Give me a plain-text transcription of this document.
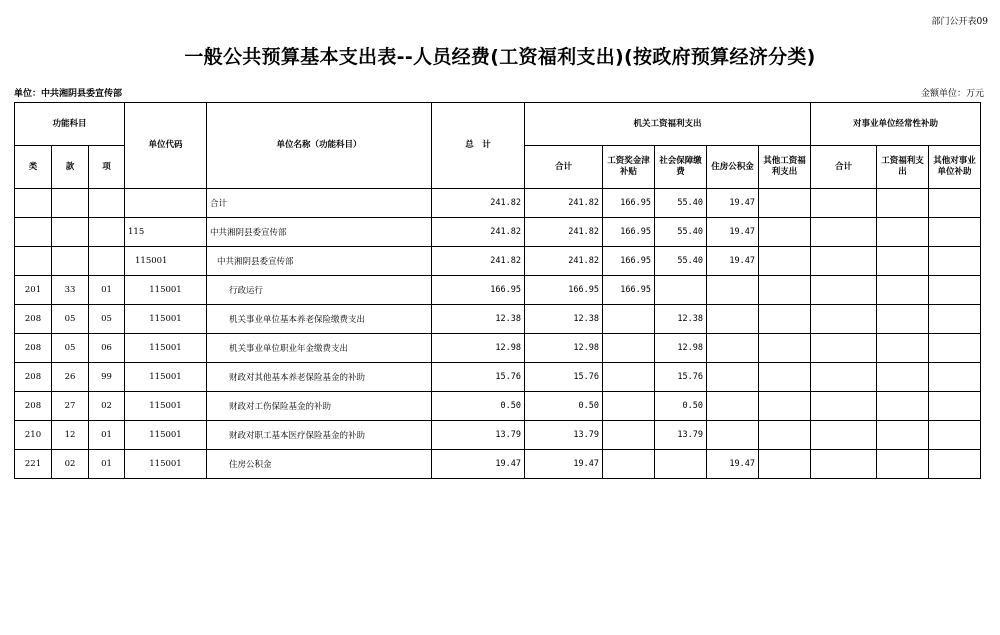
部门公开表09
一般公共预算基本支出表--人员经费(工资福利支出)(按政府预算经济分类)
单位：中共湘阴县委宣传部	金额单位：万元
功能科目			单位代码	单位名称（功能科目）	总　计	机关工资福利支出					对事业单位经常性补助		
类	款	项				合计	工资奖金津补贴	社会保障缴费	住房公积金	其他工资福利支出	合计	工资福利支出	其他对事业单位补助
				合计	241.82	241.82	166.95	55.40	19.47				
			115	中共湘阴县委宣传部	241.82	241.82	166.95	55.40	19.47				
			115001	中共湘阴县委宣传部	241.82	241.82	166.95	55.40	19.47				
201	33	01	115001	行政运行	166.95	166.95	166.95						
208	05	05	115001	机关事业单位基本养老保险缴费支出	12.38	12.38		12.38					
208	05	06	115001	机关事业单位职业年金缴费支出	12.98	12.98		12.98					
208	26	99	115001	财政对其他基本养老保险基金的补助	15.76	15.76		15.76					
208	27	02	115001	财政对工伤保险基金的补助	0.50	0.50		0.50					
210	12	01	115001	财政对职工基本医疗保险基金的补助	13.79	13.79		13.79					
221	02	01	115001	住房公积金	19.47	19.47			19.47				
